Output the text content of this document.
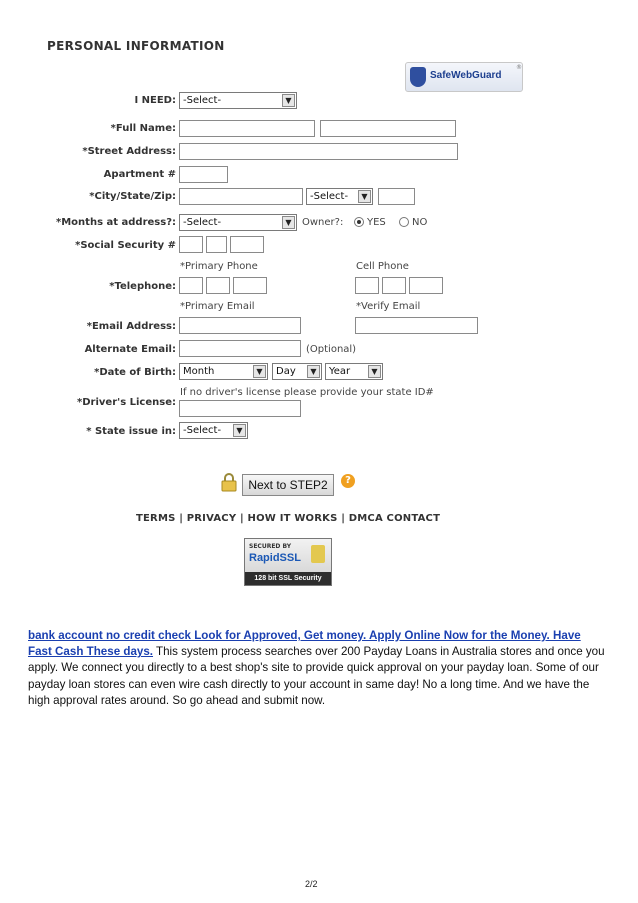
PERSONAL INFORMATION
SafeWebGuard
®
I NEED: -Select-	▼
*Full Name:
*Street Address:
Apartment #
*City/State/Zip:	-Select-	▼
*Months at address?: -Select-	▼	Owner?: YES	NO
*Social Security #
*Primary Phone	Cell Phone
*Telephone:
*Primary Email	*Verify Email
*Email Address:
Alternate Email:	(Optional)
*Date of Birth: Month	▼	Day	▼	Year	▼
If no driver's license please provide your state ID#
*Driver's License:
* State issue in: -Select-	▼
Next to STEP2	?
TERMS | PRIVACY | HOW IT WORKS | DMCA CONTACT
SECURED BY
RapidSSL
128 bit SSL Security
bank account no credit check Look for Approved, Get money. Apply Online Now for the Money. Have Fast Cash These days. This system process searches over 200 Payday Loans in Australia stores and once you apply. We connect you directly to a best shop's site to provide quick approval on your payday loan. Some of our payday loan stores can even wire cash directly to your account in same day! No a long time. And we have the high approval rates around. So go ahead and submit now.
2/2
